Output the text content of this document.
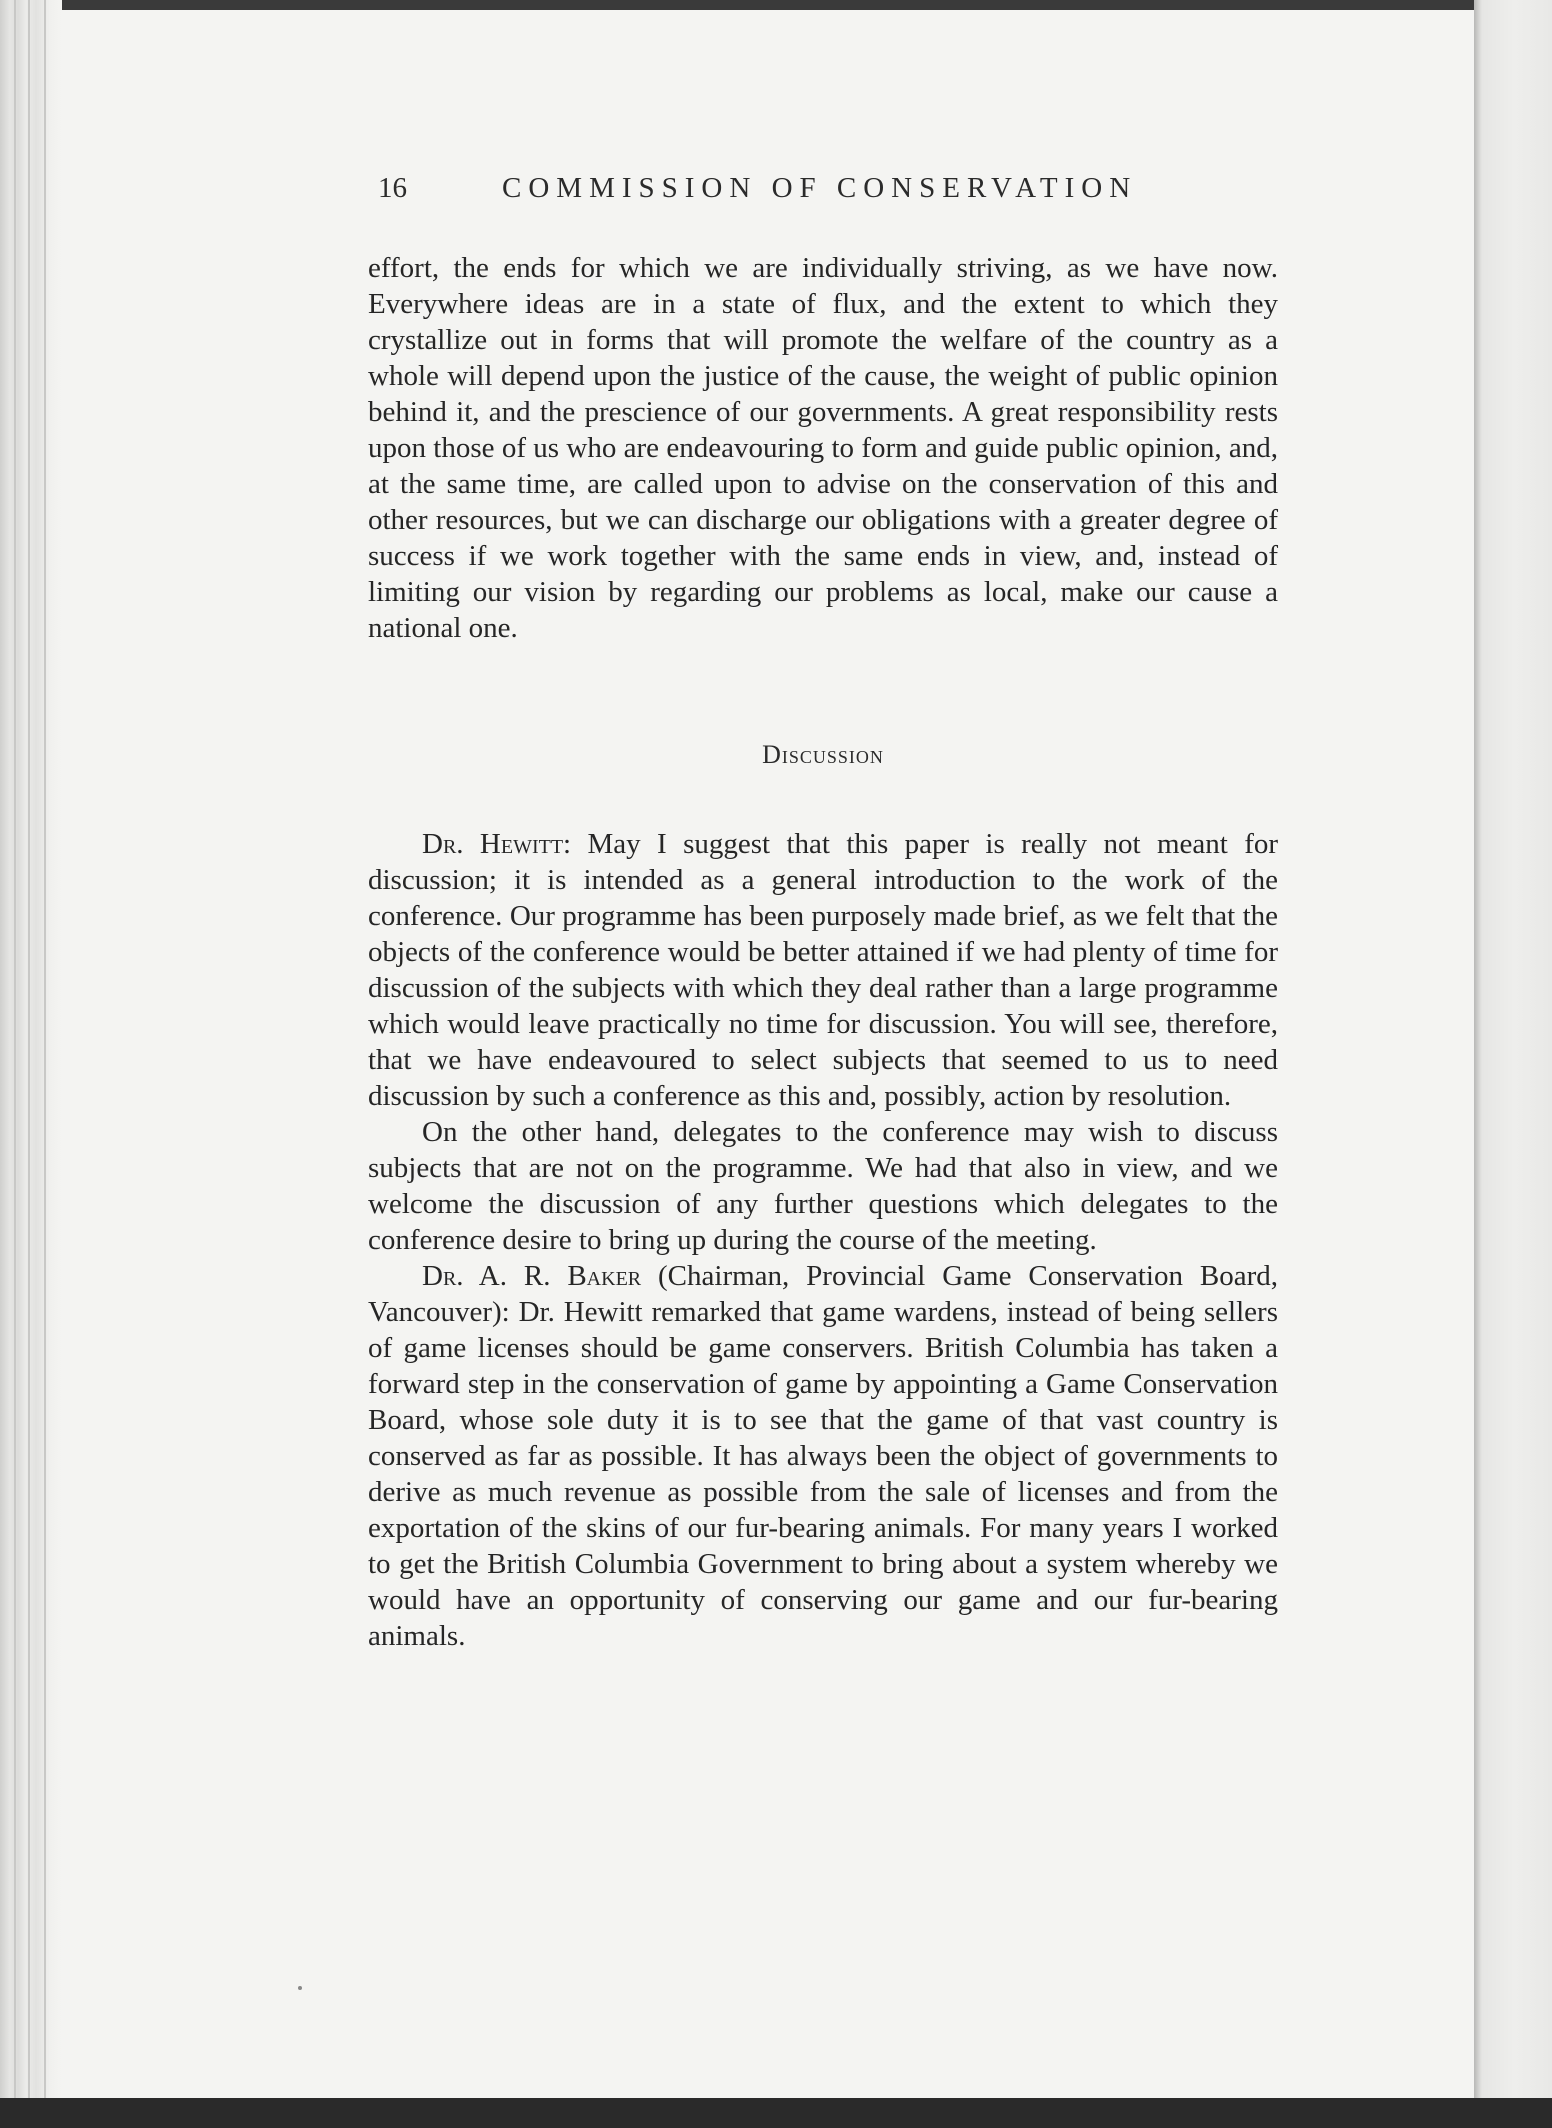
16	COMMISSION OF CONSERVATION

effort, the ends for which we are individually striving, as we have now. Everywhere ideas are in a state of flux, and the extent to which they crystallize out in forms that will promote the welfare of the country as a whole will depend upon the justice of the cause, the weight of public opinion behind it, and the prescience of our governments. A great responsibility rests upon those of us who are endeavouring to form and guide public opinion, and, at the same time, are called upon to advise on the conservation of this and other resources, but we can discharge our obligations with a greater degree of success if we work together with the same ends in view, and, instead of limiting our vision by regarding our problems as local, make our cause a national one.

Discussion

Dr. Hewitt: May I suggest that this paper is really not meant for discussion; it is intended as a general introduction to the work of the conference. Our programme has been purposely made brief, as we felt that the objects of the conference would be better attained if we had plenty of time for discussion of the subjects with which they deal rather than a large programme which would leave practically no time for discussion. You will see, therefore, that we have endeavoured to select subjects that seemed to us to need discussion by such a conference as this and, possibly, action by resolution.

On the other hand, delegates to the conference may wish to discuss subjects that are not on the programme. We had that also in view, and we welcome the discussion of any further questions which delegates to the conference desire to bring up during the course of the meeting.

Dr. A. R. Baker (Chairman, Provincial Game Conservation Board, Vancouver): Dr. Hewitt remarked that game wardens, instead of being sellers of game licenses should be game conservers. British Columbia has taken a forward step in the conservation of game by appointing a Game Conservation Board, whose sole duty it is to see that the game of that vast country is conserved as far as possible. It has always been the object of governments to derive as much revenue as possible from the sale of licenses and from the exportation of the skins of our fur-bearing animals. For many years I worked to get the British Columbia Government to bring about a system whereby we would have an opportunity of conserving our game and our fur-bearing animals.
